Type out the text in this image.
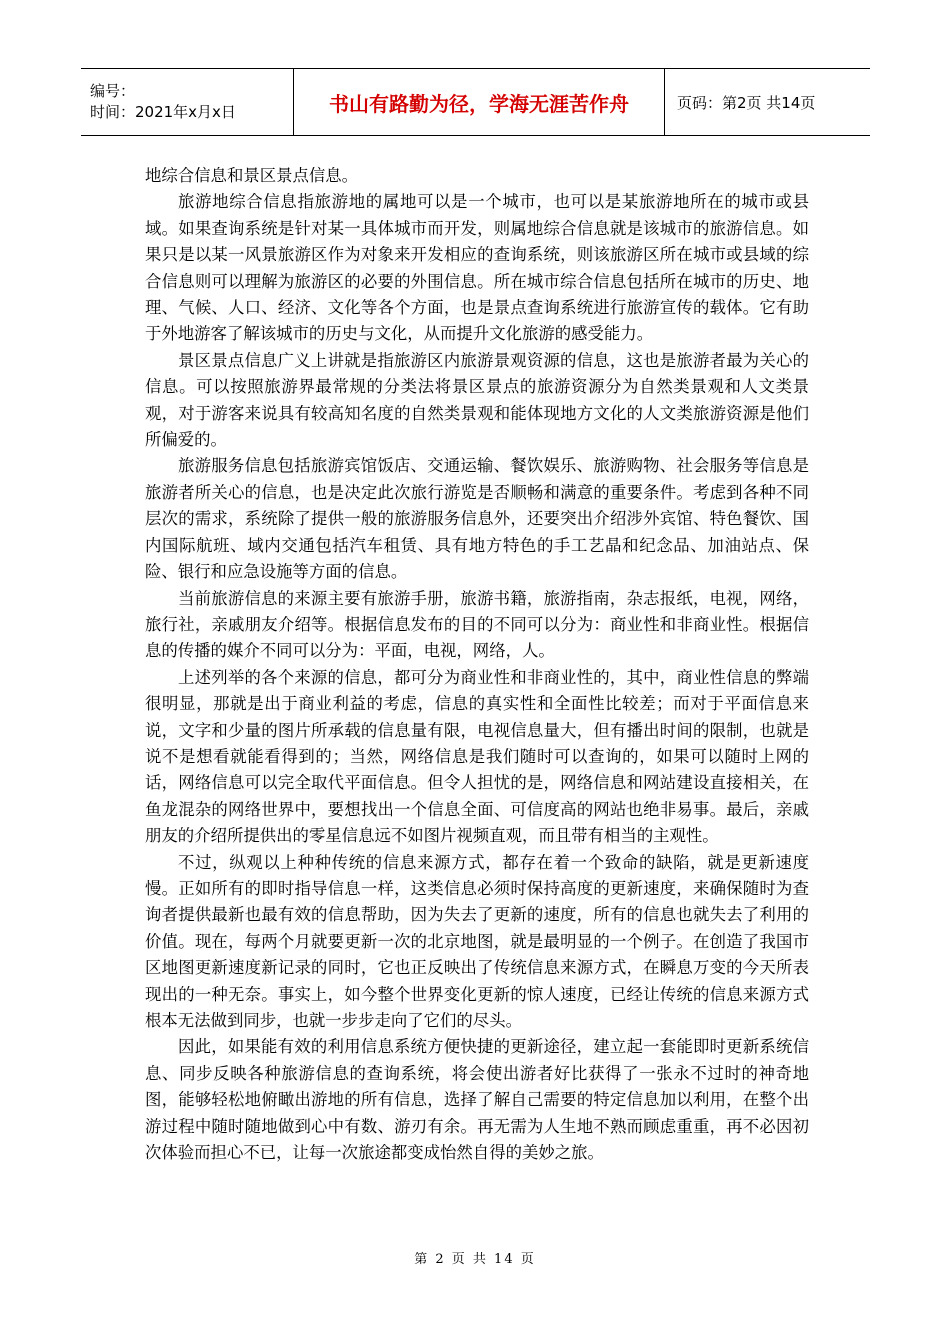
编号：
时间：2021年x月x日	书山有路勤为径，学海无涯苦作舟	页码：第2页 共14页

地综合信息和景区景点信息。

旅游地综合信息指旅游地的属地可以是一个城市，也可以是某旅游地所在的城市或县域。如果查询系统是针对某一具体城市而开发，则属地综合信息就是该城市的旅游信息。如果只是以某一风景旅游区作为对象来开发相应的查询系统，则该旅游区所在城市或县域的综合信息则可以理解为旅游区的必要的外围信息。所在城市综合信息包括所在城市的历史、地理、气候、人口、经济、文化等各个方面，也是景点查询系统进行旅游宣传的载体。它有助于外地游客了解该城市的历史与文化，从而提升文化旅游的感受能力。

景区景点信息广义上讲就是指旅游区内旅游景观资源的信息，这也是旅游者最为关心的信息。可以按照旅游界最常规的分类法将景区景点的旅游资源分为自然类景观和人文类景观，对于游客来说具有较高知名度的自然类景观和能体现地方文化的人文类旅游资源是他们所偏爱的。

旅游服务信息包括旅游宾馆饭店、交通运输、餐饮娱乐、旅游购物、社会服务等信息是旅游者所关心的信息，也是决定此次旅行游览是否顺畅和满意的重要条件。考虑到各种不同层次的需求，系统除了提供一般的旅游服务信息外，还要突出介绍涉外宾馆、特色餐饮、国内国际航班、域内交通包括汽车租赁、具有地方特色的手工艺晶和纪念品、加油站点、保险、银行和应急设施等方面的信息。

当前旅游信息的来源主要有旅游手册，旅游书籍，旅游指南，杂志报纸，电视，网络，旅行社，亲戚朋友介绍等。根据信息发布的目的不同可以分为：商业性和非商业性。根据信息的传播的媒介不同可以分为：平面，电视，网络，人。

上述列举的各个来源的信息，都可分为商业性和非商业性的，其中，商业性信息的弊端很明显，那就是出于商业利益的考虑，信息的真实性和全面性比较差；而对于平面信息来说，文字和少量的图片所承载的信息量有限，电视信息量大，但有播出时间的限制，也就是说不是想看就能看得到的；当然，网络信息是我们随时可以查询的，如果可以随时上网的话，网络信息可以完全取代平面信息。但令人担忧的是，网络信息和网站建设直接相关，在鱼龙混杂的网络世界中，要想找出一个信息全面、可信度高的网站也绝非易事。最后，亲戚朋友的介绍所提供出的零星信息远不如图片视频直观，而且带有相当的主观性。

不过，纵观以上种种传统的信息来源方式，都存在着一个致命的缺陷，就是更新速度慢。正如所有的即时指导信息一样，这类信息必须时保持高度的更新速度，来确保随时为查询者提供最新也最有效的信息帮助，因为失去了更新的速度，所有的信息也就失去了利用的价值。现在，每两个月就要更新一次的北京地图，就是最明显的一个例子。在创造了我国市区地图更新速度新记录的同时，它也正反映出了传统信息来源方式，在瞬息万变的今天所表现出的一种无奈。事实上，如今整个世界变化更新的惊人速度，已经让传统的信息来源方式根本无法做到同步，也就一步步走向了它们的尽头。

因此，如果能有效的利用信息系统方便快捷的更新途径，建立起一套能即时更新系统信息、同步反映各种旅游信息的查询系统，将会使出游者好比获得了一张永不过时的神奇地图，能够轻松地俯瞰出游地的所有信息，选择了解自己需要的特定信息加以利用，在整个出游过程中随时随地做到心中有数、游刃有余。再无需为人生地不熟而顾虑重重，再不必因初次体验而担心不已，让每一次旅途都变成怡然自得的美妙之旅。

第 2 页 共 14 页
